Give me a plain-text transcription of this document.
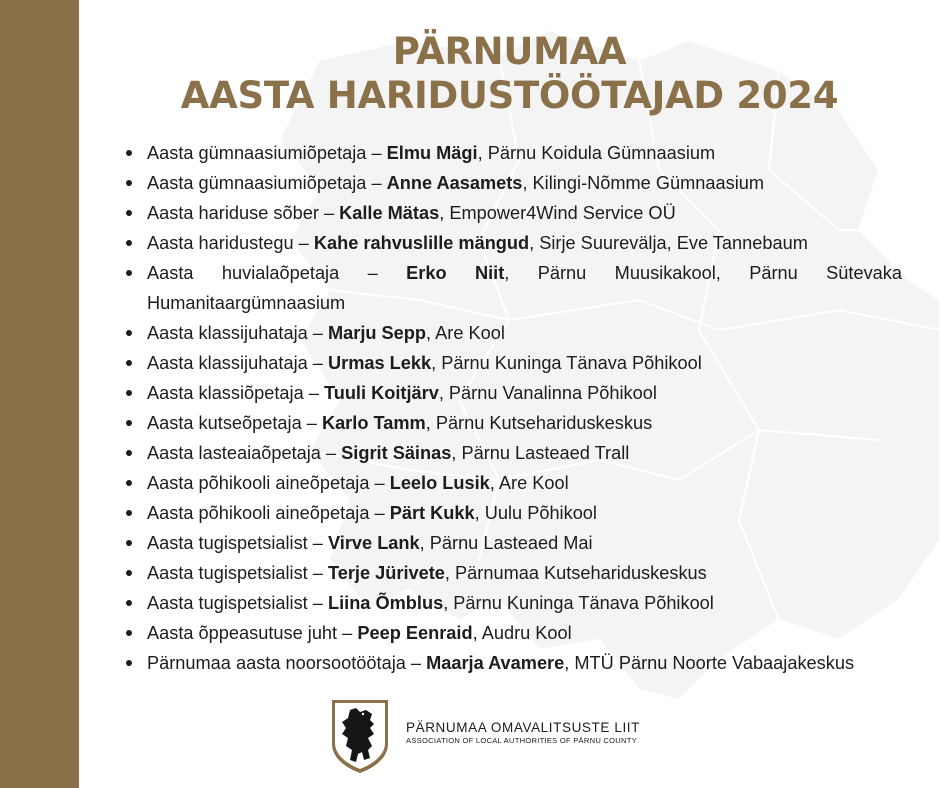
PÄRNUMAA
AASTA HARIDUSTÖÖTAJAD 2024
Aasta gümnaasiumiõpetaja – Elmu Mägi, Pärnu Koidula Gümnaasium
Aasta gümnaasiumiõpetaja – Anne Aasamets, Kilingi-Nõmme Gümnaasium
Aasta hariduse sõber – Kalle Mätas, Empower4Wind Service OÜ
Aasta haridustegu – Kahe rahvuslille mängud, Sirje Suurevälja, Eve Tannebaum
Aasta huvialaõpetaja – Erko Niit, Pärnu Muusikakool, Pärnu Sütevaka Humanitaargümnaasium
Aasta klassijuhataja – Marju Sepp, Are Kool
Aasta klassijuhataja – Urmas Lekk, Pärnu Kuninga Tänava Põhikool
Aasta klassiõpetaja – Tuuli Koitjärv, Pärnu Vanalinna Põhikool
Aasta kutseõpetaja – Karlo Tamm, Pärnu Kutsehariduskeskus
Aasta lasteaiaõpetaja – Sigrit Säinas, Pärnu Lasteaed Trall
Aasta põhikooli aineõpetaja – Leelo Lusik, Are Kool
Aasta põhikooli aineõpetaja – Pärt Kukk, Uulu Põhikool
Aasta tugispetsialist – Virve Lank, Pärnu Lasteaed Mai
Aasta tugispetsialist – Terje Jürivete, Pärnumaa Kutsehariduskeskus
Aasta tugispetsialist – Liina Õmblus, Pärnu Kuninga Tänava Põhikool
Aasta õppeasutuse juht – Peep Eenraid, Audru Kool
Pärnumaa aasta noorsootöötaja – Maarja Avamere, MTÜ Pärnu Noorte Vabaajakeskus
PÄRNUMAA OMAVALITSUSTE LIIT
ASSOCIATION OF LOCAL AUTHORITIES OF PÄRNU COUNTY
